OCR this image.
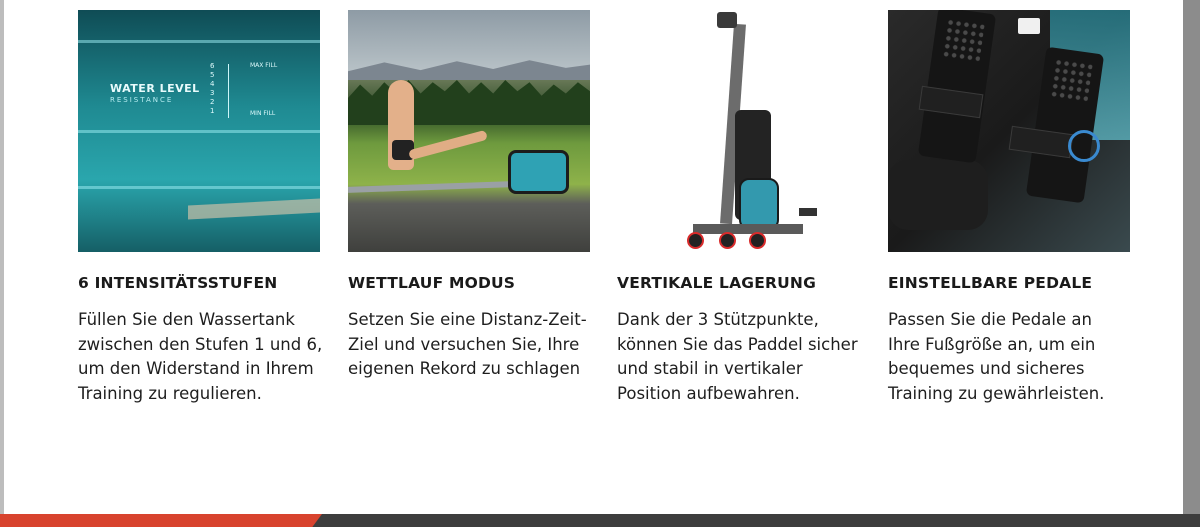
WATER LEVEL
RESISTANCE
6
5
4
3
2
1
MAX FILL
MIN FILL
6 INTENSITÄTSSTUFEN
Füllen Sie den Wassertank
zwischen den Stufen 1 und 6,
um den Widerstand in Ihrem
Training zu regulieren.
WETTLAUF MODUS
Setzen Sie eine Distanz-Zeit-
Ziel und versuchen Sie, Ihre
eigenen Rekord zu schlagen
VERTIKALE LAGERUNG
Dank der 3 Stützpunkte,
können Sie das Paddel sicher
und stabil in vertikaler
Position aufbewahren.
EINSTELLBARE PEDALE
Passen Sie die Pedale an
Ihre Fußgröße an, um ein
bequemes und sicheres
Training zu gewährleisten.
